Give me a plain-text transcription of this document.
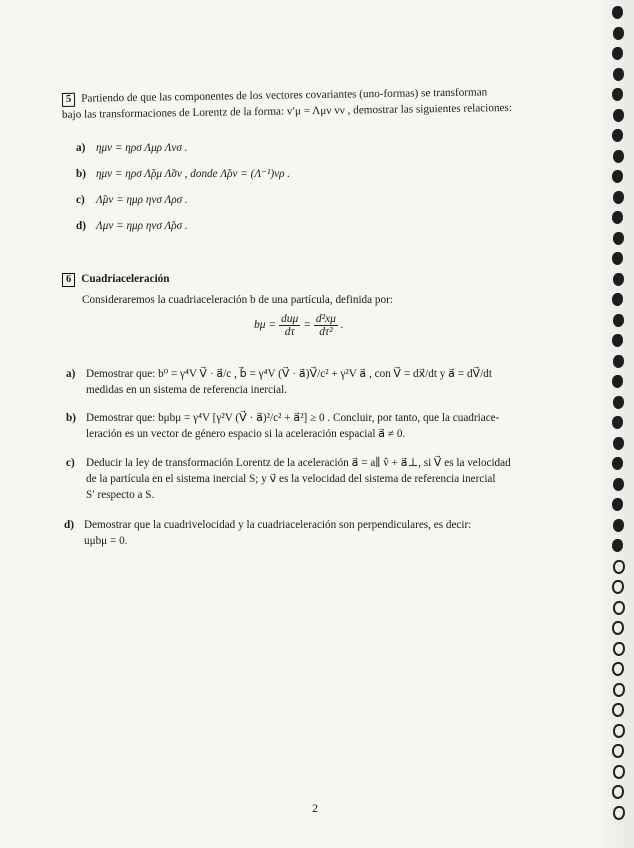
5 Partiendo de que las componentes de los vectores covariantes (uno-formas) se transforman

bajo las transformaciones de Lorentz de la forma: v′μ = Λμν vν , demostrar las siguientes relaciones:

a) ημν = ηρσ Λμρ Λνσ .
b) ημν = ηρσ Λ̃ρμ Λ̃σν , donde Λ̃ρν = (Λ⁻¹)νρ .
c) Λ̃μν = ημρ ηνσ Λρσ .
d) Λμν = ημρ ηνσ Λ̃ρσ .
6 Cuadriaceleración
Consideraremos la cuadriaceleración b de una partícula, definida por:
$b\mu = \frac{\text{duμ}}{d\tau} = \frac{\text{d²xμ}}{\text{dτ²}}$ .
a) Demostrar que: b⁰ = γ⁴V V⃗ · a⃗/c , b⃗ = γ⁴V (V⃗ · a⃗)V⃗/c² + γ²V a⃗ , con V⃗ = dx⃗/dt y a⃗ = dV⃗/dt
medidas en un sistema de referencia inercial.
b) Demostrar que: bμbμ = γ⁴V [γ²V (V⃗ · a⃗)²/c² + a⃗²] ≥ 0 . Concluir, por tanto, que la cuadriace-
leración es un vector de género espacio si la aceleración espacial a⃗ ≠ 0.
c) Deducir la ley de transformación Lorentz de la aceleración a⃗ = a∥ v̂ + a⃗⊥, si V⃗ es la velocidad
de la partícula en el sistema inercial S; y v⃗ es la velocidad del sistema de referencia inercial
S′ respecto a S.
d) Demostrar que la cuadrivelocidad y la cuadriaceleración son perpendiculares, es decir:
uμbμ = 0.
2
